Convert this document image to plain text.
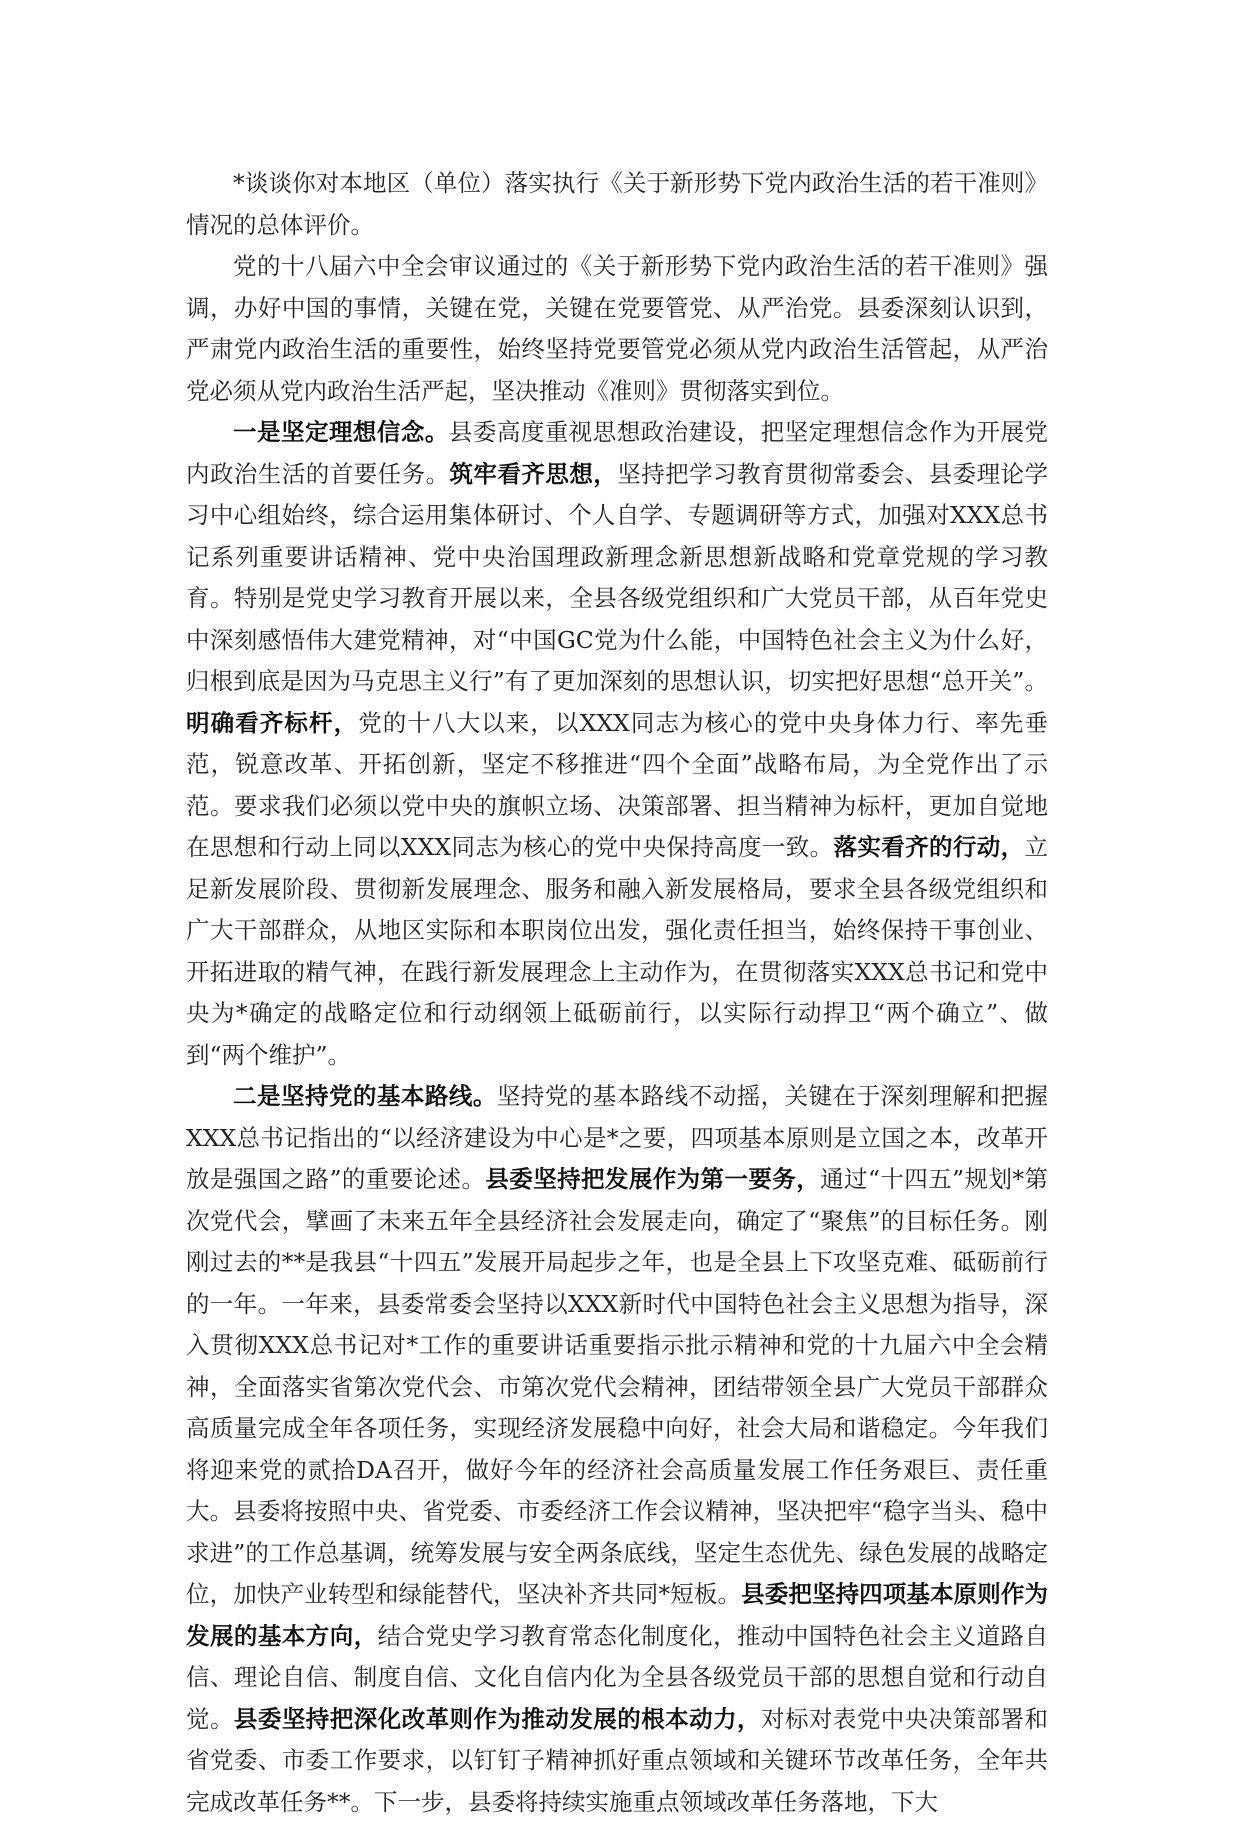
*谈谈你对本地区（单位）落实执行《关于新形势下党内政治生活的若干准则》情况的总体评价。

党的十八届六中全会审议通过的《关于新形势下党内政治生活的若干准则》强调，办好中国的事情，关键在党，关键在党要管党、从严治党。县委深刻认识到，严肃党内政治生活的重要性，始终坚持党要管党必须从党内政治生活管起，从严治党必须从党内政治生活严起，坚决推动《准则》贯彻落实到位。

一是坚定理想信念。县委高度重视思想政治建设，把坚定理想信念作为开展党内政治生活的首要任务。筑牢看齐思想，坚持把学习教育贯彻常委会、县委理论学习中心组始终，综合运用集体研讨、个人自学、专题调研等方式，加强对XXX总书记系列重要讲话精神、党中央治国理政新理念新思想新战略和党章党规的学习教育。特别是党史学习教育开展以来，全县各级党组织和广大党员干部，从百年党史中深刻感悟伟大建党精神，对“中国GC党为什么能，中国特色社会主义为什么好，归根到底是因为马克思主义行”有了更加深刻的思想认识，切实把好思想“总开关”。明确看齐标杆，党的十八大以来，以XXX同志为核心的党中央身体力行、率先垂范，锐意改革、开拓创新，坚定不移推进“四个全面”战略布局，为全党作出了示范。要求我们必须以党中央的旗帜立场、决策部署、担当精神为标杆，更加自觉地在思想和行动上同以XXX同志为核心的党中央保持高度一致。落实看齐的行动，立足新发展阶段、贯彻新发展理念、服务和融入新发展格局，要求全县各级党组织和广大干部群众，从地区实际和本职岗位出发，强化责任担当，始终保持干事创业、开拓进取的精气神，在践行新发展理念上主动作为，在贯彻落实XXX总书记和党中央为*确定的战略定位和行动纲领上砥砺前行，以实际行动捍卫“两个确立”、做到“两个维护”。

二是坚持党的基本路线。坚持党的基本路线不动摇，关键在于深刻理解和把握XXX总书记指出的“以经济建设为中心是*之要，四项基本原则是立国之本，改革开放是强国之路”的重要论述。县委坚持把发展作为第一要务，通过“十四五”规划*第次党代会，擘画了未来五年全县经济社会发展走向，确定了“聚焦”的目标任务。刚刚过去的**是我县“十四五”发展开局起步之年，也是全县上下攻坚克难、砥砺前行的一年。一年来，县委常委会坚持以XXX新时代中国特色社会主义思想为指导，深入贯彻XXX总书记对*工作的重要讲话重要指示批示精神和党的十九届六中全会精神，全面落实省第次党代会、市第次党代会精神，团结带领全县广大党员干部群众高质量完成全年各项任务，实现经济发展稳中向好，社会大局和谐稳定。今年我们将迎来党的贰拾DA召开，做好今年的经济社会高质量发展工作任务艰巨、责任重大。县委将按照中央、省党委、市委经济工作会议精神，坚决把牢“稳字当头、稳中求进”的工作总基调，统筹发展与安全两条底线，坚定生态优先、绿色发展的战略定位，加快产业转型和绿能替代，坚决补齐共同*短板。县委把坚持四项基本原则作为发展的基本方向，结合党史学习教育常态化制度化，推动中国特色社会主义道路自信、理论自信、制度自信、文化自信内化为全县各级党员干部的思想自觉和行动自觉。县委坚持把深化改革则作为推动发展的根本动力，对标对表党中央决策部署和省党委、市委工作要求，以钉钉子精神抓好重点领域和关键环节改革任务，全年共完成改革任务**。下一步，县委将持续实施重点领域改革任务落地，下大
